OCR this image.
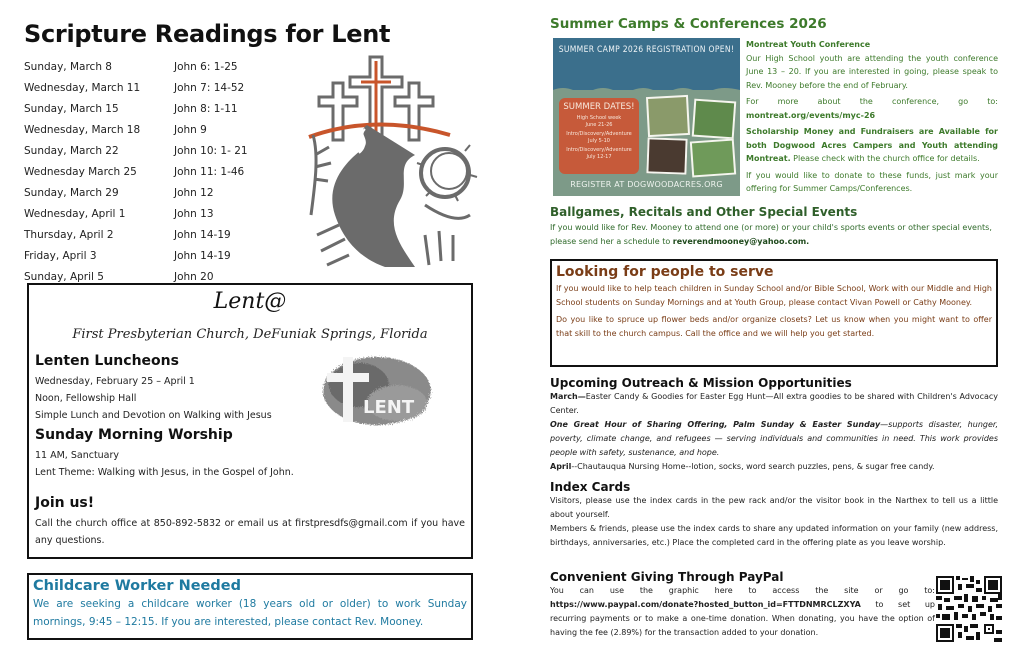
Scripture Readings for Lent
Sunday, March 8	John 6: 1-25
Wednesday, March 11	John 7: 14-52
Sunday, March 15	John 8: 1-11
Wednesday, March 18	John 9
Sunday, March 22	John 10: 1- 21
Wednesday March 25	John 11: 1-46
Sunday, March 29	John 12
Wednesday, April 1	John 13
Thursday, April 2	John 14-19
Friday, April 3	John 14-19
Sunday, April 5	John 20
Lent@
First Presbyterian Church, DeFuniak Springs, Florida
Lenten Luncheons
Wednesday, February 25 – April 1
Noon, Fellowship Hall
Simple Lunch and Devotion on Walking with Jesus
Sunday Morning Worship
11 AM, Sanctuary
Lent Theme: Walking with Jesus, in the Gospel of John.
Join us!
Call the church office at 850-892-5832 or email us at firstpresdfs@gmail.com if you have any questions.
LENT
Childcare Worker Needed
We are seeking a childcare worker (18 years old or older) to work Sunday mornings, 9:45 – 12:15. If you are interested, please contact Rev. Mooney.
Summer Camps & Conferences 2026
SUMMER CAMP 2026 REGISTRATION OPEN!
SUMMER DATES!
High School week
June 21-26
Intro/Discovery/Adventure
July 5-10
Intro/Discovery/Adventure
July 12-17
REGISTER AT DOGWOODACRES.ORG

Montreat Youth Conference

Our High School youth are attending the youth conference June 13 – 20. If you are interested in going, please speak to Rev. Mooney before the end of February.

For more about the conference, go to:

montreat.org/events/myc-26

Scholarship Money and Fundraisers are Available for both Dogwood Acres Campers and Youth attending Montreat. Please check with the church office for details.

If you would like to donate to these funds, just mark your offering for Summer Camps/Conferences.

Ballgames, Recitals and Other Special Events
If you would like for Rev. Mooney to attend one (or more) or your child's sports events or other special events, please send her a schedule to reverendmooney@yahoo.com.
Looking for people to serve
If you would like to help teach children in Sunday School and/or Bible School, Work with our Middle and High School students on Sunday Mornings and at Youth Group, please contact Vivan Powell or Cathy Mooney.
Do you like to spruce up flower beds and/or organize closets? Let us know when you might want to offer that skill to the church campus. Call the office and we will help you get started.
Upcoming Outreach & Mission Opportunities
March—Easter Candy & Goodies for Easter Egg Hunt—All extra goodies to be shared with Children's Advocacy Center.
One Great Hour of Sharing Offering, Palm Sunday & Easter Sunday—supports disaster, hunger, poverty, climate change, and refugees — serving individuals and communities in need. This work provides people with safety, sustenance, and hope.
April--Chautauqua Nursing Home--lotion, socks, word search puzzles, pens, & sugar free candy.
Index Cards
Visitors, please use the index cards in the pew rack and/or the visitor book in the Narthex to tell us a little about yourself.
Members & friends, please use the index cards to share any updated information on your family (new address, birthdays, anniversaries, etc.) Place the completed card in the offering plate as you leave worship.
Convenient Giving Through PayPal
You can use the graphic here to access the site or go to:
https://www.paypal.com/donate?hosted_button_id=FTTDNMRCLZXYA to set up recurring payments or to make a one-time donation. When donating, you have the option of having the fee (2.89%) for the transaction added to your donation.
